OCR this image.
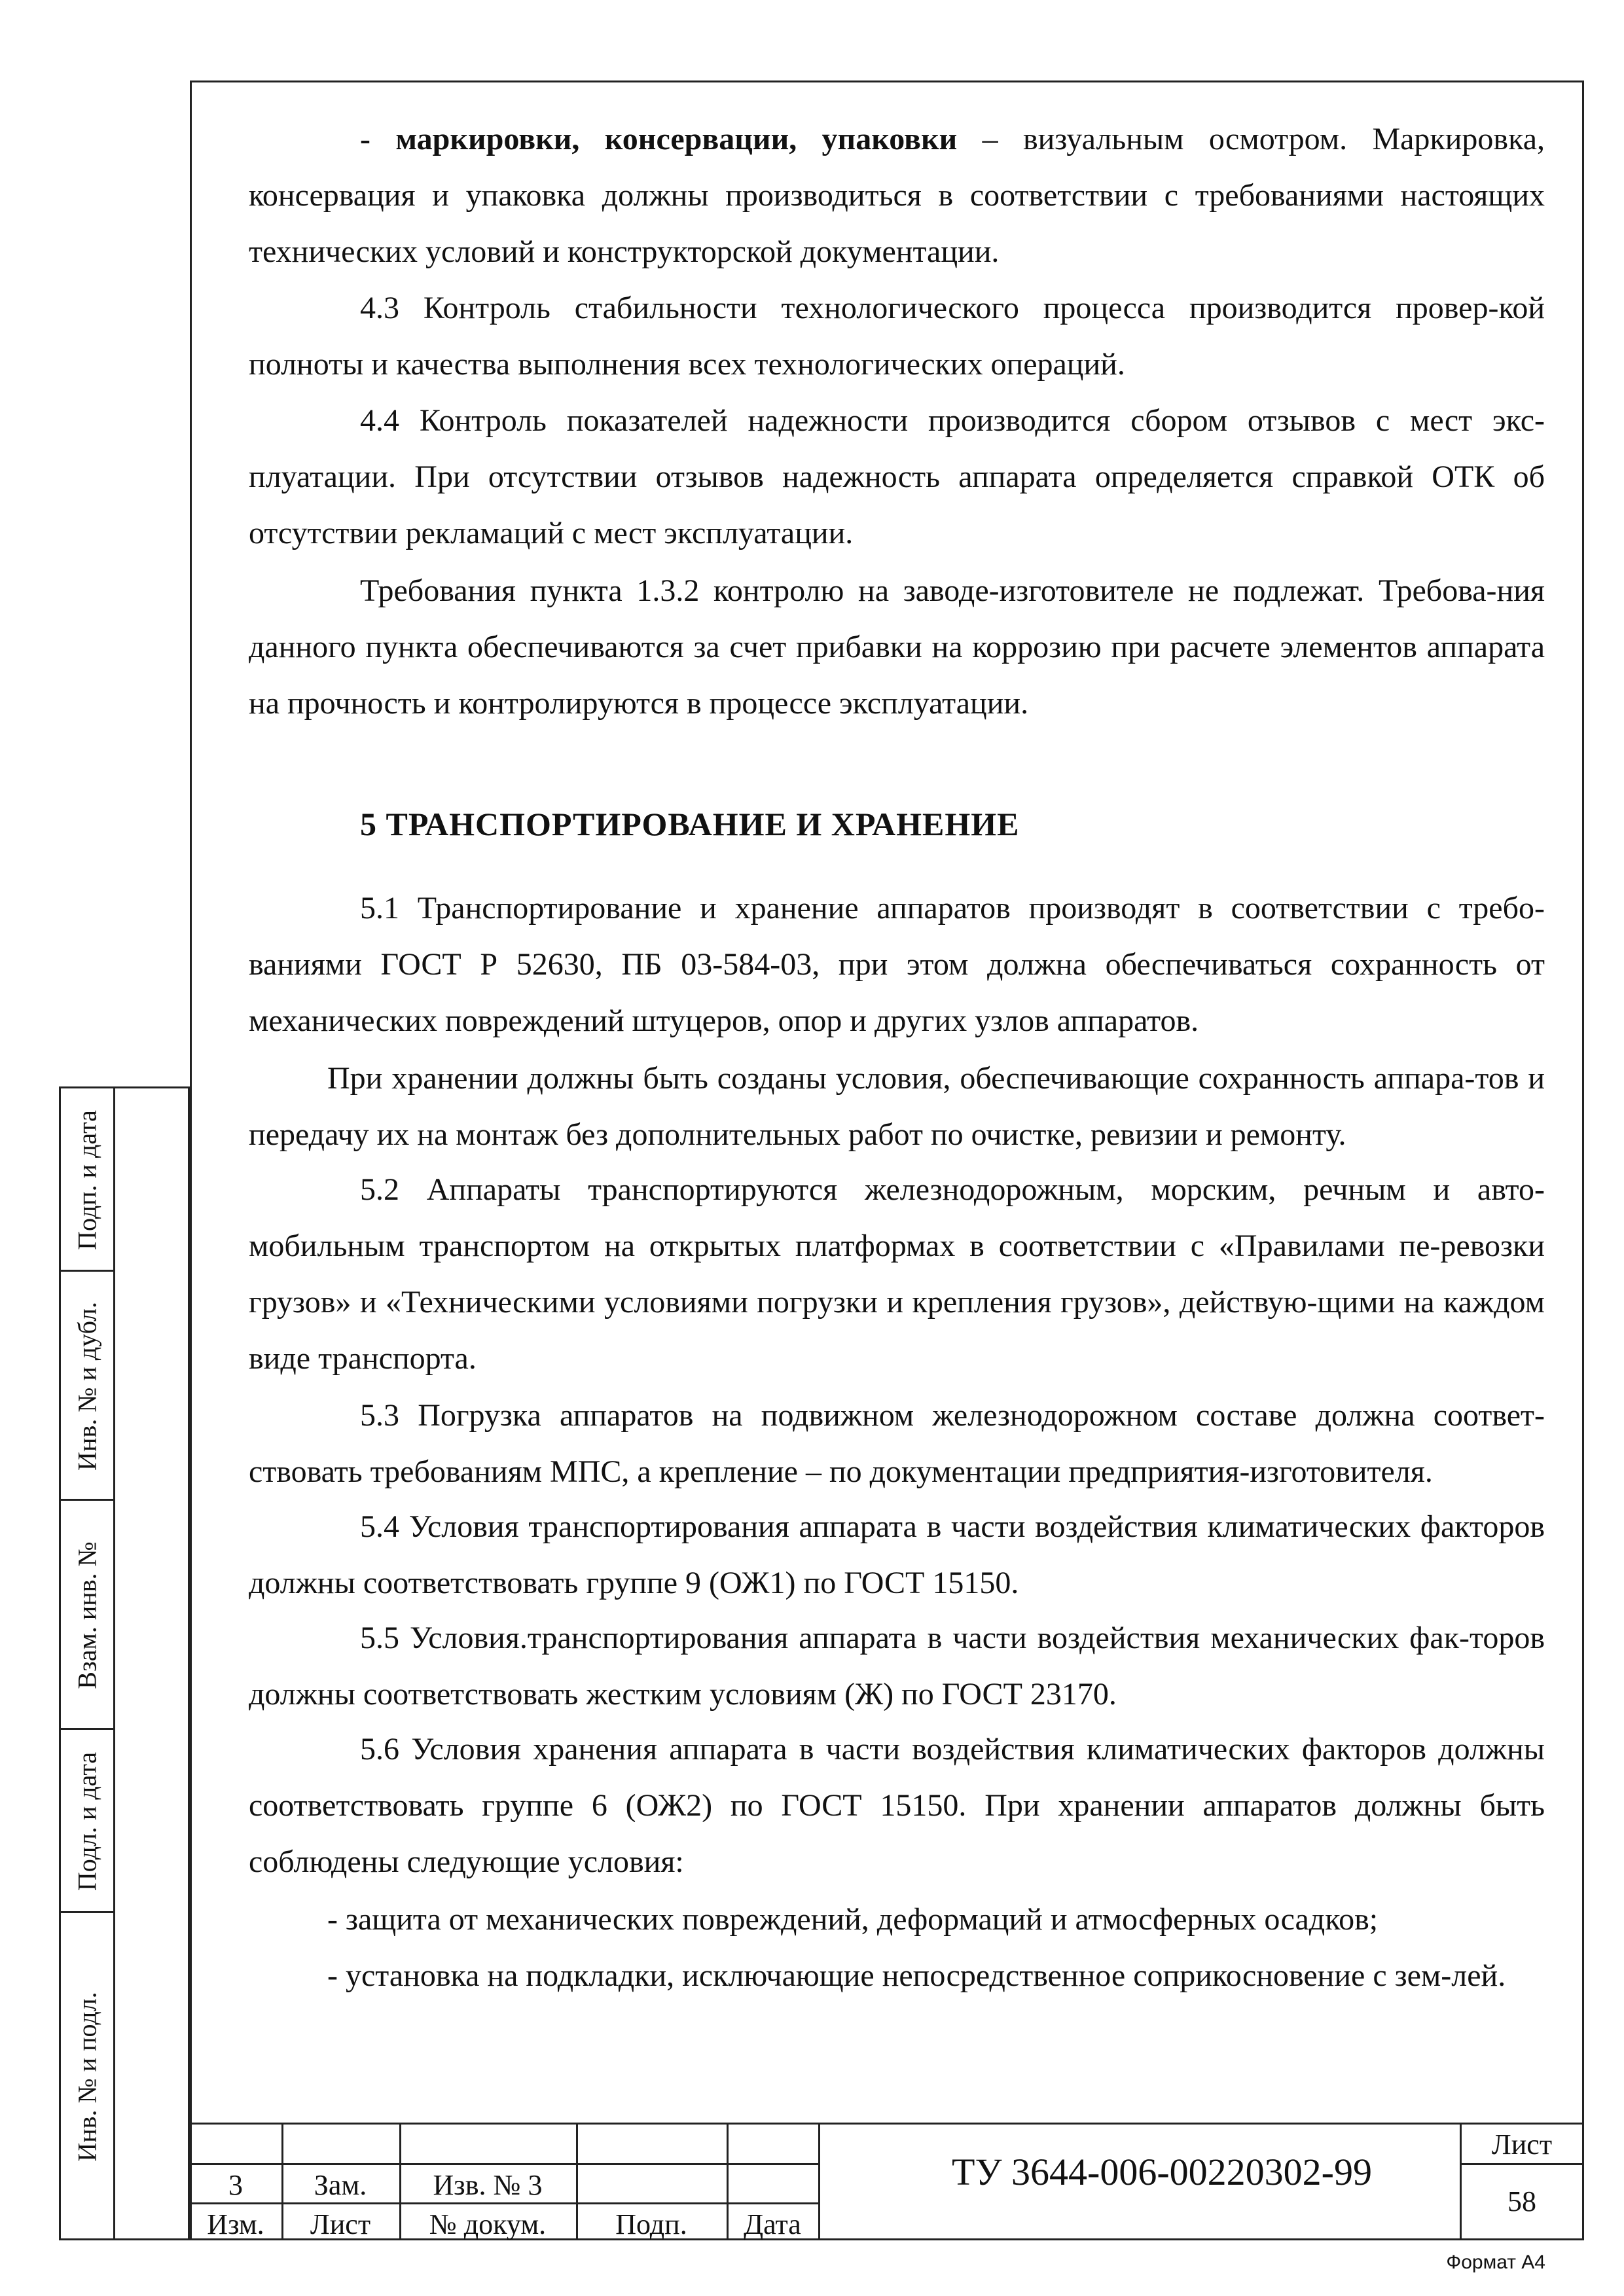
- маркировки, консервации, упаковки – визуальным осмотром. Маркировка, консервация и упаковка должны производиться в соответствии с требованиями настоящих технических условий и конструкторской документации.

4.3 Контроль стабильности технологического процесса производится провер-кой полноты и качества выполнения всех технологических операций.

4.4 Контроль показателей надежности производится сбором отзывов с мест экс-плуатации. При отсутствии отзывов надежность аппарата определяется справкой ОТК об отсутствии рекламаций с мест эксплуатации.

Требования пункта 1.3.2 контролю на заводе-изготовителе не подлежат. Требова-ния данного пункта обеспечиваются за счет прибавки на коррозию при расчете элементов аппарата на прочность и контролируются в процессе эксплуатации.

5 ТРАНСПОРТИРОВАНИЕ И ХРАНЕНИЕ

5.1 Транспортирование и хранение аппаратов производят в соответствии с требо-ваниями ГОСТ Р 52630, ПБ 03-584-03, при этом должна обеспечиваться сохранность от механических повреждений штуцеров, опор и других узлов аппаратов.

При хранении должны быть созданы условия, обеспечивающие сохранность аппара-тов и передачу их на монтаж без дополнительных работ по очистке, ревизии и ремонту.

5.2 Аппараты транспортируются железнодорожным, морским, речным и авто-мобильным транспортом на открытых платформах в соответствии с «Правилами пе-ревозки грузов» и «Техническими условиями погрузки и крепления грузов», действую-щими на каждом виде транспорта.

5.3 Погрузка аппаратов на подвижном железнодорожном составе должна соответ-ствовать требованиям МПС, а крепление – по документации предприятия-изготовителя.

5.4 Условия транспортирования аппарата в части воздействия климатических факторов должны соответствовать группе 9 (ОЖ1) по ГОСТ 15150.

5.5 Условия.транспортирования аппарата в части воздействия механических фак-торов должны соответствовать жестким условиям (Ж) по ГОСТ 23170.

5.6 Условия хранения аппарата в части воздействия климатических факторов должны соответствовать группе 6 (ОЖ2) по ГОСТ 15150. При хранении аппаратов должны быть соблюдены следующие условия:

- защита от механических повреждений, деформаций и атмосферных осадков;

- установка на подкладки, исключающие непосредственное соприкосновение с зем-лей.

Подп. и дата
Инв. № и дубл.
Взам. инв. №
Подл. и дата
Инв. № и подл.
3	Зам.	Изв. № 3
Изм.	Лист	№ докум.	Подп.	Дата
ТУ 3644-006-00220302-99
Лист
58
Формат А4
